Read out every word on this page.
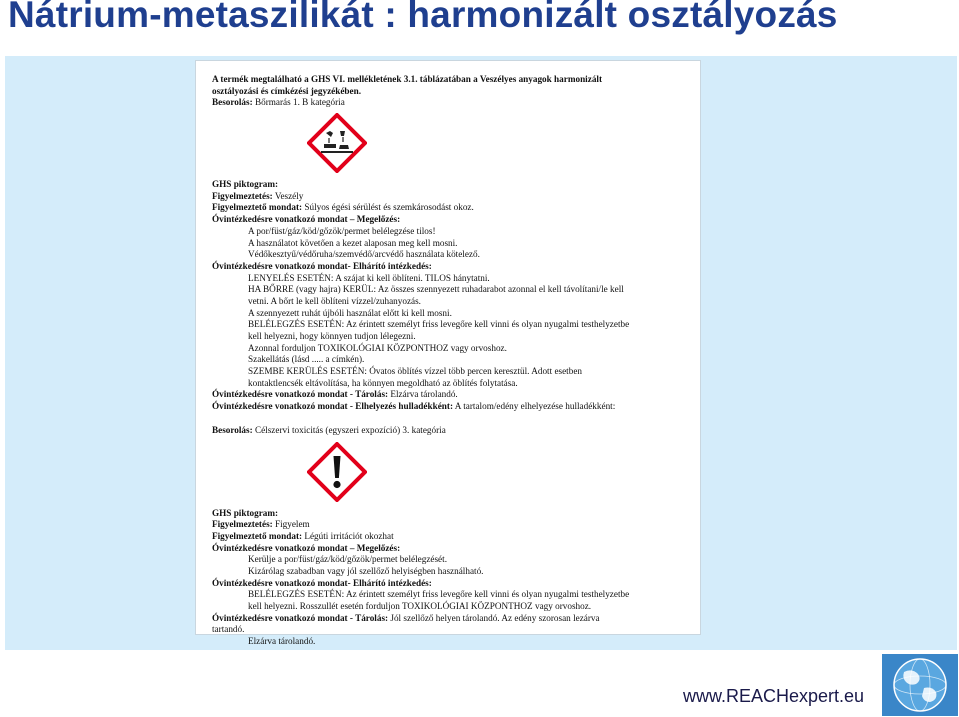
Nátrium-metaszilikát : harmonizált osztályozás
A termék megtalálható a GHS VI. mellékletének 3.1. táblázatában a Veszélyes anyagok harmonizált
osztályozási és címkézési jegyzékében.
Besorolás: Bőrmarás 1. B kategória
GHS piktogram:
Figyelmeztetés: Veszély
Figyelmeztető mondat: Súlyos égési sérülést és szemkárosodást okoz.
Óvintézkedésre vonatkozó mondat – Megelőzés:
A por/füst/gáz/köd/gőzök/permet belélegzése tilos!
A használatot követően a kezet alaposan meg kell mosni.
Védőkesztyű/védőruha/szemvédő/arcvédő használata kötelező.
Óvintézkedésre vonatkozó mondat- Elhárító intézkedés:
LENYELÉS ESETÉN: A szájat ki kell öblíteni. TILOS hánytatni.
HA BŐRRE (vagy hajra) KERÜL: Az összes szennyezett ruhadarabot azonnal el kell távolítani/le kell
vetni. A bőrt le kell öblíteni vízzel/zuhanyozás.
A szennyezett ruhát újbóli használat előtt ki kell mosni.
BELÉLEGZÉS ESETÉN: Az érintett személyt friss levegőre kell vinni és olyan nyugalmi testhelyzetbe
kell helyezni, hogy könnyen tudjon lélegezni.
Azonnal forduljon TOXIKOLÓGIAI KÖZPONTHOZ vagy orvoshoz.
Szakellátás (lásd ..... a címkén).
SZEMBE KERÜLÉS ESETÉN: Óvatos öblítés vízzel több percen keresztül. Adott esetben
kontaktlencsék eltávolítása, ha könnyen megoldható az öblítés folytatása.
Óvintézkedésre vonatkozó mondat - Tárolás: Elzárva tárolandó.
Óvintézkedésre vonatkozó mondat - Elhelyezés hulladékként: A tartalom/edény elhelyezése hulladékként:
Besorolás: Célszervi toxicitás (egyszeri expozíció) 3. kategória
GHS piktogram:
Figyelmeztetés: Figyelem
Figyelmeztető mondat: Légúti irritációt okozhat
Óvintézkedésre vonatkozó mondat – Megelőzés:
Kerülje a por/füst/gáz/köd/gőzök/permet belélegzését.
Kizárólag szabadban vagy jól szellőző helyiségben használható.
Óvintézkedésre vonatkozó mondat- Elhárító intézkedés:
BELÉLEGZÉS ESETÉN: Az érintett személyt friss levegőre kell vinni és olyan nyugalmi testhelyzetbe
kell helyezni. Rosszullét esetén forduljon TOXIKOLÓGIAI KÖZPONTHOZ vagy orvoshoz.
Óvintézkedésre vonatkozó mondat - Tárolás: Jól szellőző helyen tárolandó. Az edény szorosan lezárva
tartandó.
Elzárva tárolandó.
www.REACHexpert.eu
